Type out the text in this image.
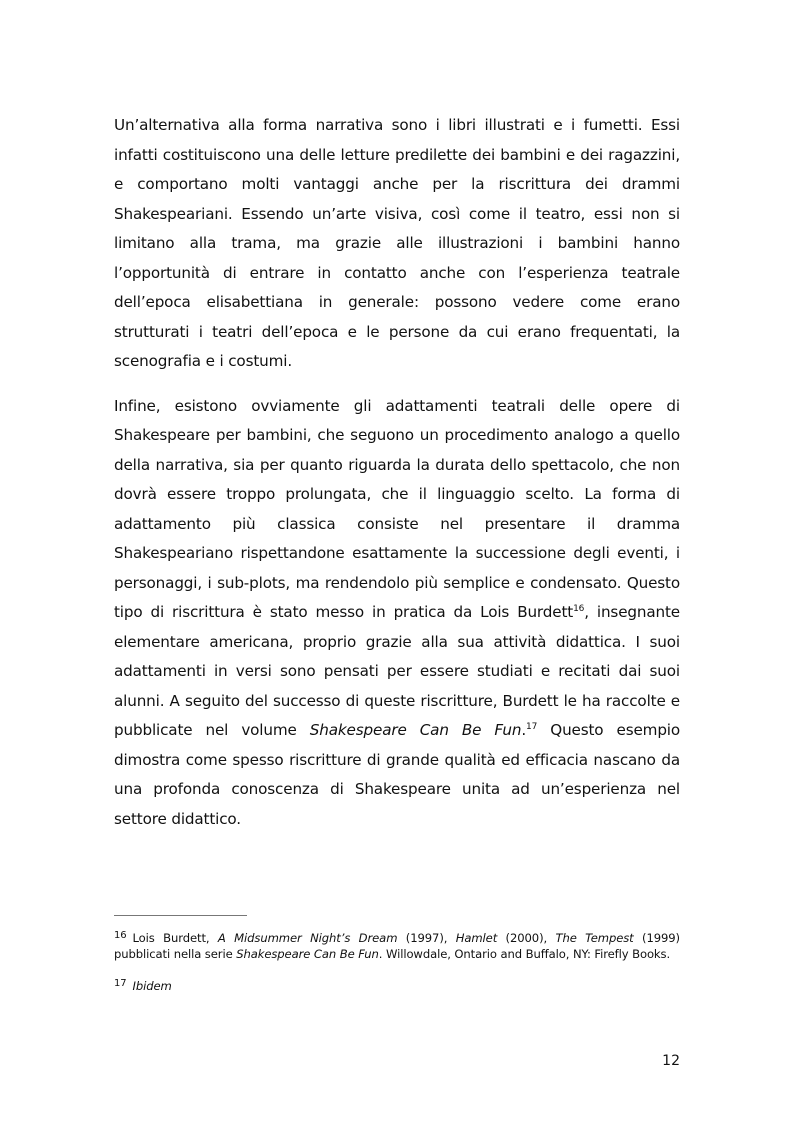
Un’alternativa alla forma narrativa sono i libri illustrati e i fumetti. Essi infatti costituiscono una delle letture predilette dei bambini e dei ragazzini, e comportano molti vantaggi anche per la riscrittura dei drammi Shakespeariani. Essendo un’arte visiva, così come il teatro, essi non si limitano alla trama, ma grazie alle illustrazioni i bambini hanno l’opportunità di entrare in contatto anche con l’esperienza teatrale dell’epoca elisabettiana in generale: possono vedere come erano strutturati i teatri dell’epoca e le persone da cui erano frequentati, la scenografia e i costumi.

Infine, esistono ovviamente gli adattamenti teatrali delle opere di Shakespeare per bambini, che seguono un procedimento analogo a quello della narrativa, sia per quanto riguarda la durata dello spettacolo, che non dovrà essere troppo prolungata, che il linguaggio scelto. La forma di adattamento più classica consiste nel presentare il dramma Shakespeariano rispettandone esattamente la successione degli eventi, i personaggi, i sub-plots, ma rendendolo più semplice e condensato. Questo tipo di riscrittura è stato messo in pratica da Lois Burdett$^{16}$, insegnante elementare americana, proprio grazie alla sua attività didattica. I suoi adattamenti in versi sono pensati per essere studiati e recitati dai suoi alunni. A seguito del successo di queste riscritture, Burdett le ha raccolte e pubblicate nel volume Shakespeare Can Be Fun.$^{17}$ Questo esempio dimostra come spesso riscritture di grande qualità ed efficacia nascano da una profonda conoscenza di Shakespeare unita ad un’esperienza nel settore didattico.

16 Lois Burdett, A Midsummer Night’s Dream (1997), Hamlet (2000), The Tempest (1999) pubblicati nella serie Shakespeare Can Be Fun. Willowdale, Ontario and Buffalo, NY: Firefly Books.

17 Ibidem

12
